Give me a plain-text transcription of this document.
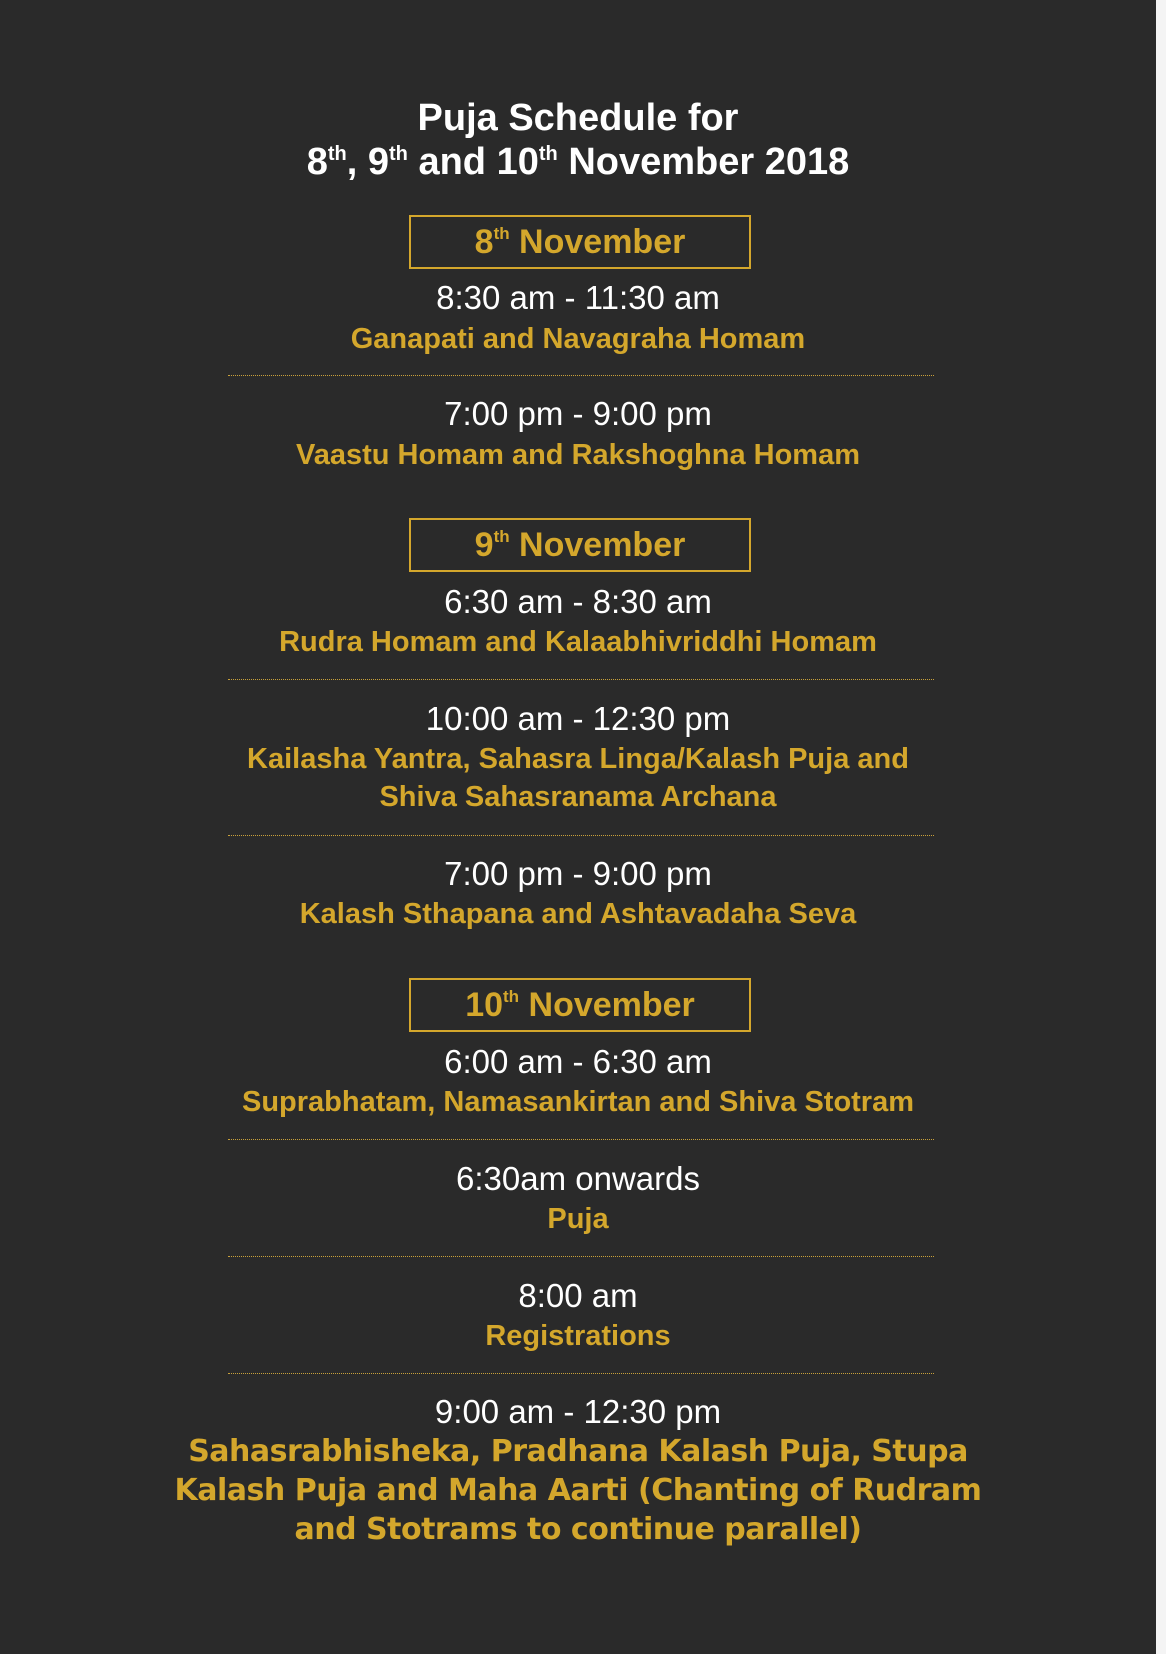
Puja Schedule for
8th, 9th and 10th November 2018
8th November
8:30 am - 11:30 am
Ganapati and Navagraha Homam
7:00 pm - 9:00 pm
Vaastu Homam and Rakshoghna Homam
9th November
6:30 am - 8:30 am
Rudra Homam and Kalaabhivriddhi Homam
10:00 am - 12:30 pm
Kailasha Yantra, Sahasra Linga/Kalash Puja and
Shiva Sahasranama Archana
7:00 pm - 9:00 pm
Kalash Sthapana and Ashtavadaha Seva
10th November
6:00 am - 6:30 am
Suprabhatam, Namasankirtan and Shiva Stotram
6:30am onwards
Puja
8:00 am
Registrations
9:00 am - 12:30 pm
Sahasrabhisheka, Pradhana Kalash Puja, Stupa
Kalash Puja and Maha Aarti (Chanting of Rudram
and Stotrams to continue parallel)
